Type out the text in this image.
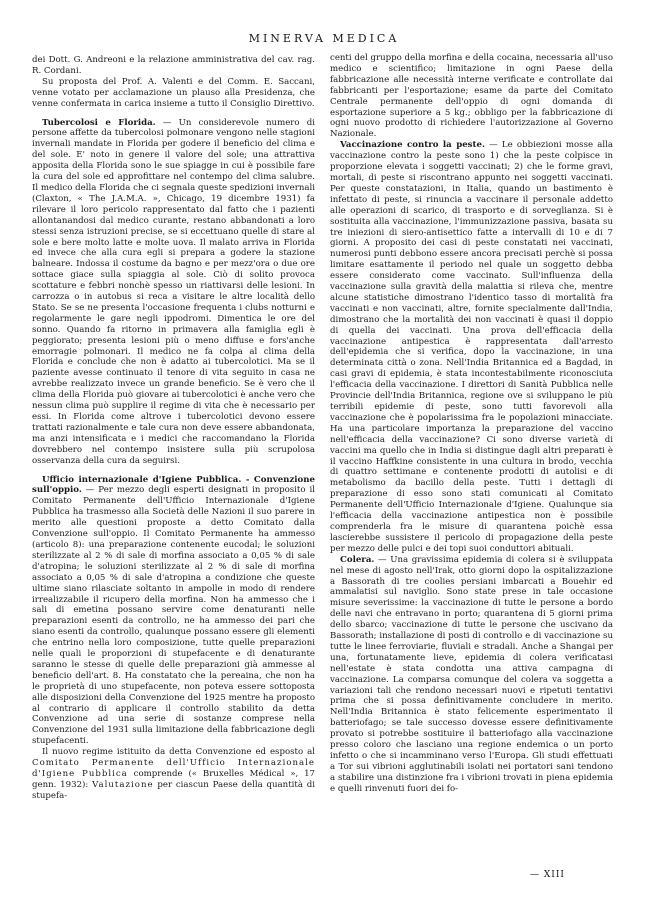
MINERVA MEDICA

dei Dott. G. Andreoni e la relazione amministrativa del cav. rag. R. Cordani.

Su proposta del Prof. A. Valenti e del Comm. E. Saccani, venne votato per acclamazione un plauso alla Presidenza, che venne confermata in carica insieme a tutto il Consiglio Direttivo.

Tubercolosi e Florida. — Un considerevole numero di persone affette da tubercolosi polmonare vengono nelle stagioni invernali mandate in Florida per godere il beneficio del clima e del sole. E' noto in genere il valore del sole; una attrattiva apposita della Florida sono le sue spiagge in cui è possibile fare la cura del sole ed approfittare nel contempo del clima salubre. Il medico della Florida che ci segnala queste spedizioni invernali (Claxton, « The J.A.M.A. », Chicago, 19 dicembre 1931) fa rilevare il loro pericolo rappresentato dal fatto che i pazienti allontanandosi dal medico curante, restano abbandonati a loro stessi senza istruzioni precise, se si eccettuano quelle di stare al sole e bere molto latte e molte uova. Il malato arriva in Florida ed invece che alla cura egli si prepara a godere la stazione balneare. Indossa il costume da bagno e per mezz'ora o due ore sottace giace sulla spiaggia al sole. Ciò di solito provoca scottature e febbri nonchè spesso un riattivarsi delle lesioni. In carrozza o in autobus si reca a visitare le altre località dello Stato. Se se ne presenta l'occasione frequenta i clubs notturni e regolarmente le gare negli ippodromi. Dimentica le ore del sonno. Quando fa ritorno in primavera alla famiglia egli è peggiorato; presenta lesioni più o meno diffuse e fors'anche emorragie polmonari. Il medico ne fa colpa al clima della Florida e conclude che non è adatto ai tubercolotici. Ma se il paziente avesse continuato il tenore di vita seguito in casa ne avrebbe realizzato invece un grande beneficio. Se è vero che il clima della Florida può giovare ai tubercolotici è anche vero che nessun clima può supplire il regime di vita che è necessario per essi. In Florida come altrove i tubercolotici devono essere trattati razionalmente e tale cura non deve essere abbandonata, ma anzi intensificata e i medici che raccomandano la Florida dovrebbero nel contempo insistere sulla più scrupolosa osservanza della cura da seguirsi.

Ufficio internazionale d'Igiene Pubblica. - Convenzione sull'oppio. — Per mezzo degli esperti designati in proposito il Comitato Permanente dell'Ufficio Internazionale d'Igiene Pubblica ha trasmesso alla Società delle Nazioni il suo parere in merito alle questioni proposte a detto Comitato dalla Convenzione sull'oppio. Il Comitato Permanente ha ammesso (articolo 8): una preparazione contenente eucodal; le soluzioni sterilizzate al 2 % di sale di morfina associato a 0,05 % di sale d'atropina; le soluzioni sterilizzate al 2 % di sale di morfina associato a 0,05 % di sale d'atropina a condizione che queste ultime siano rilasciate soltanto in ampolle in modo di rendere irrealizzabile il ricupero della morfina. Non ha ammesso che i sali di emetina possano servire come denaturanti nelle preparazioni esenti da controllo, ne ha ammesso dei pari che siano esenti da controllo, qualunque possano essere gli elementi che entrino nella loro composizione, tutte quelle preparazioni nelle quali le proporzioni di stupefacente e di denaturante saranno le stesse di quelle delle preparazioni già ammesse al beneficio dell'art. 8. Ha constatato che la pereaina, che non ha le proprietà di uno stupefacente, non poteva essere sottoposta alle disposizioni della Convenzione del 1925 mentre ha proposto al contrario di applicare il controllo stabilito da detta Convenzione ad una serie di sostanze comprese nella Convenzione del 1931 sulla limitazione della fabbricazione degli stupefacenti.

Il nuovo regime istituito da detta Convenzione ed esposto al Comitato Permanente dell'Ufficio Internazionale d'Igiene Pubblica comprende (« Bruxelles Médical », 17 genn. 1932): Valutazione per ciascun Paese della quantità di stupefa-

centi del gruppo della morfina e della cocaina, necessaria all'uso medico e scientifico; limitazione in ogni Paese della fabbricazione alle necessità interne verificate e controllate dai fabbricanti per l'esportazione; esame da parte del Comitato Centrale permanente dell'oppio di ogni domanda di esportazione superiore a 5 kg.; obbligo per la fabbricazione di ogni nuovo prodotto di richiedere l'autorizzazione al Governo Nazionale.

Vaccinazione contro la peste. — Le obbiezioni mosse alla vaccinazione contro la peste sono 1) che la peste colpisce in proporzione elevata i soggetti vaccinati; 2) che le forme gravi, mortali, di peste si riscontrano appunto nei soggetti vaccinati. Per queste constatazioni, in Italia, quando un bastimento è infettato di peste, si rinuncia a vaccinare il personale addetto alle operazioni di scarico, di trasporto e di sorveglianza. Si è sostituita alla vaccinazione, l'immunizzazione passiva, basata su tre iniezioni di siero-antisettico fatte a intervalli di 10 e di 7 giorni. A proposito dei casi di peste constatati nei vaccinati, numerosi punti debbono essere ancora precisati perchè si possa limitare esattamente il periodo nel quale un soggetto debba essere considerato come vaccinato. Sull'influenza della vaccinazione sulla gravità della malattia si rileva che, mentre alcune statistiche dimostrano l'identico tasso di mortalità fra vaccinati e non vaccinati, altre, fornite specialmente dall'India, dimostrano che la mortalità dei non vaccinati è quasi il doppio di quella dei vaccinati. Una prova dell'efficacia della vaccinazione antipestica è rappresentata dall'arresto dell'epidemia che si verifica, dopo la vaccinazione, in una determinata città o zona. Nell'India Britannica ed a Bagdad, in casi gravi di epidemia, è stata incontestabilmente riconosciuta l'efficacia della vaccinazione. I direttori di Sanità Pubblica nelle Provincie dell'India Britannica, regione ove si sviluppano le più terribili epidemie di peste, sono tutti favorevoli alla vaccinazione che è popolarissima fra le popolazioni minacciate. Ha una particolare importanza la preparazione del vaccino nell'efficacia della vaccinazione? Ci sono diverse varietà di vaccini ma quello che in India si distingue dagli altri preparati è il vaccino Haffkine consistente in una cultura in brodo, vecchia di quattro settimane e contenente prodotti di autolisi e di metabolismo da bacillo della peste. Tutti i dettagli di preparazione di esso sono stati comunicati al Comitato Permanente dell'Ufficio Internazionale d'Igiene. Qualunque sia l'efficacia della vaccinazione antipestica non è possibile comprenderla fra le misure di quarantena poichè essa lascierebbe sussistere il pericolo di propagazione della peste per mezzo delle pulci e dei topi suoi conduttori abituali.

Colera. — Una gravissima epidemia di colera si è sviluppata nel mese di agosto nell'Irak, otto giorni dopo la ospitalizzazione a Bassorath di tre coolies persiani imbarcati a Bouehir ed ammalatisi sul naviglio. Sono state prese in tale occasione misure severissime: la vaccinazione di tutte le persone a bordo delle navi che entravano in porto; quarantena di 5 giorni prima dello sbarco; vaccinazione di tutte le persone che uscivano da Bassorath; installazione di posti di controllo e di vaccinazione su tutte le linee ferroviarie, fluviali e stradali. Anche a Shangai per una, fortunatamente lieve, epidemia di colera verificatasi nell'estate è stata condotta una attiva campagna di vaccinazione. La comparsa comunque del colera va soggetta a variazioni tali che rendono necessari nuovi e ripetuti tentativi prima che si possa definitivamente concludere in merito. Nell'India Britannica è stato felicemente esperimentato il batteriofago; se tale successo dovesse essere definitivamente provato si potrebbe sostituire il batteriofago alla vaccinazione presso coloro che lasciano una regione endemica o un porto infetto o che si incamminano verso l'Europa. Gli studi effettuati a Tor sui vibrioni agglutinabili isolati nei portatori sani tendono a stabilire una distinzione fra i vibrioni trovati in piena epidemia e quelli rinvenuti fuori dei fo-

— XIII
